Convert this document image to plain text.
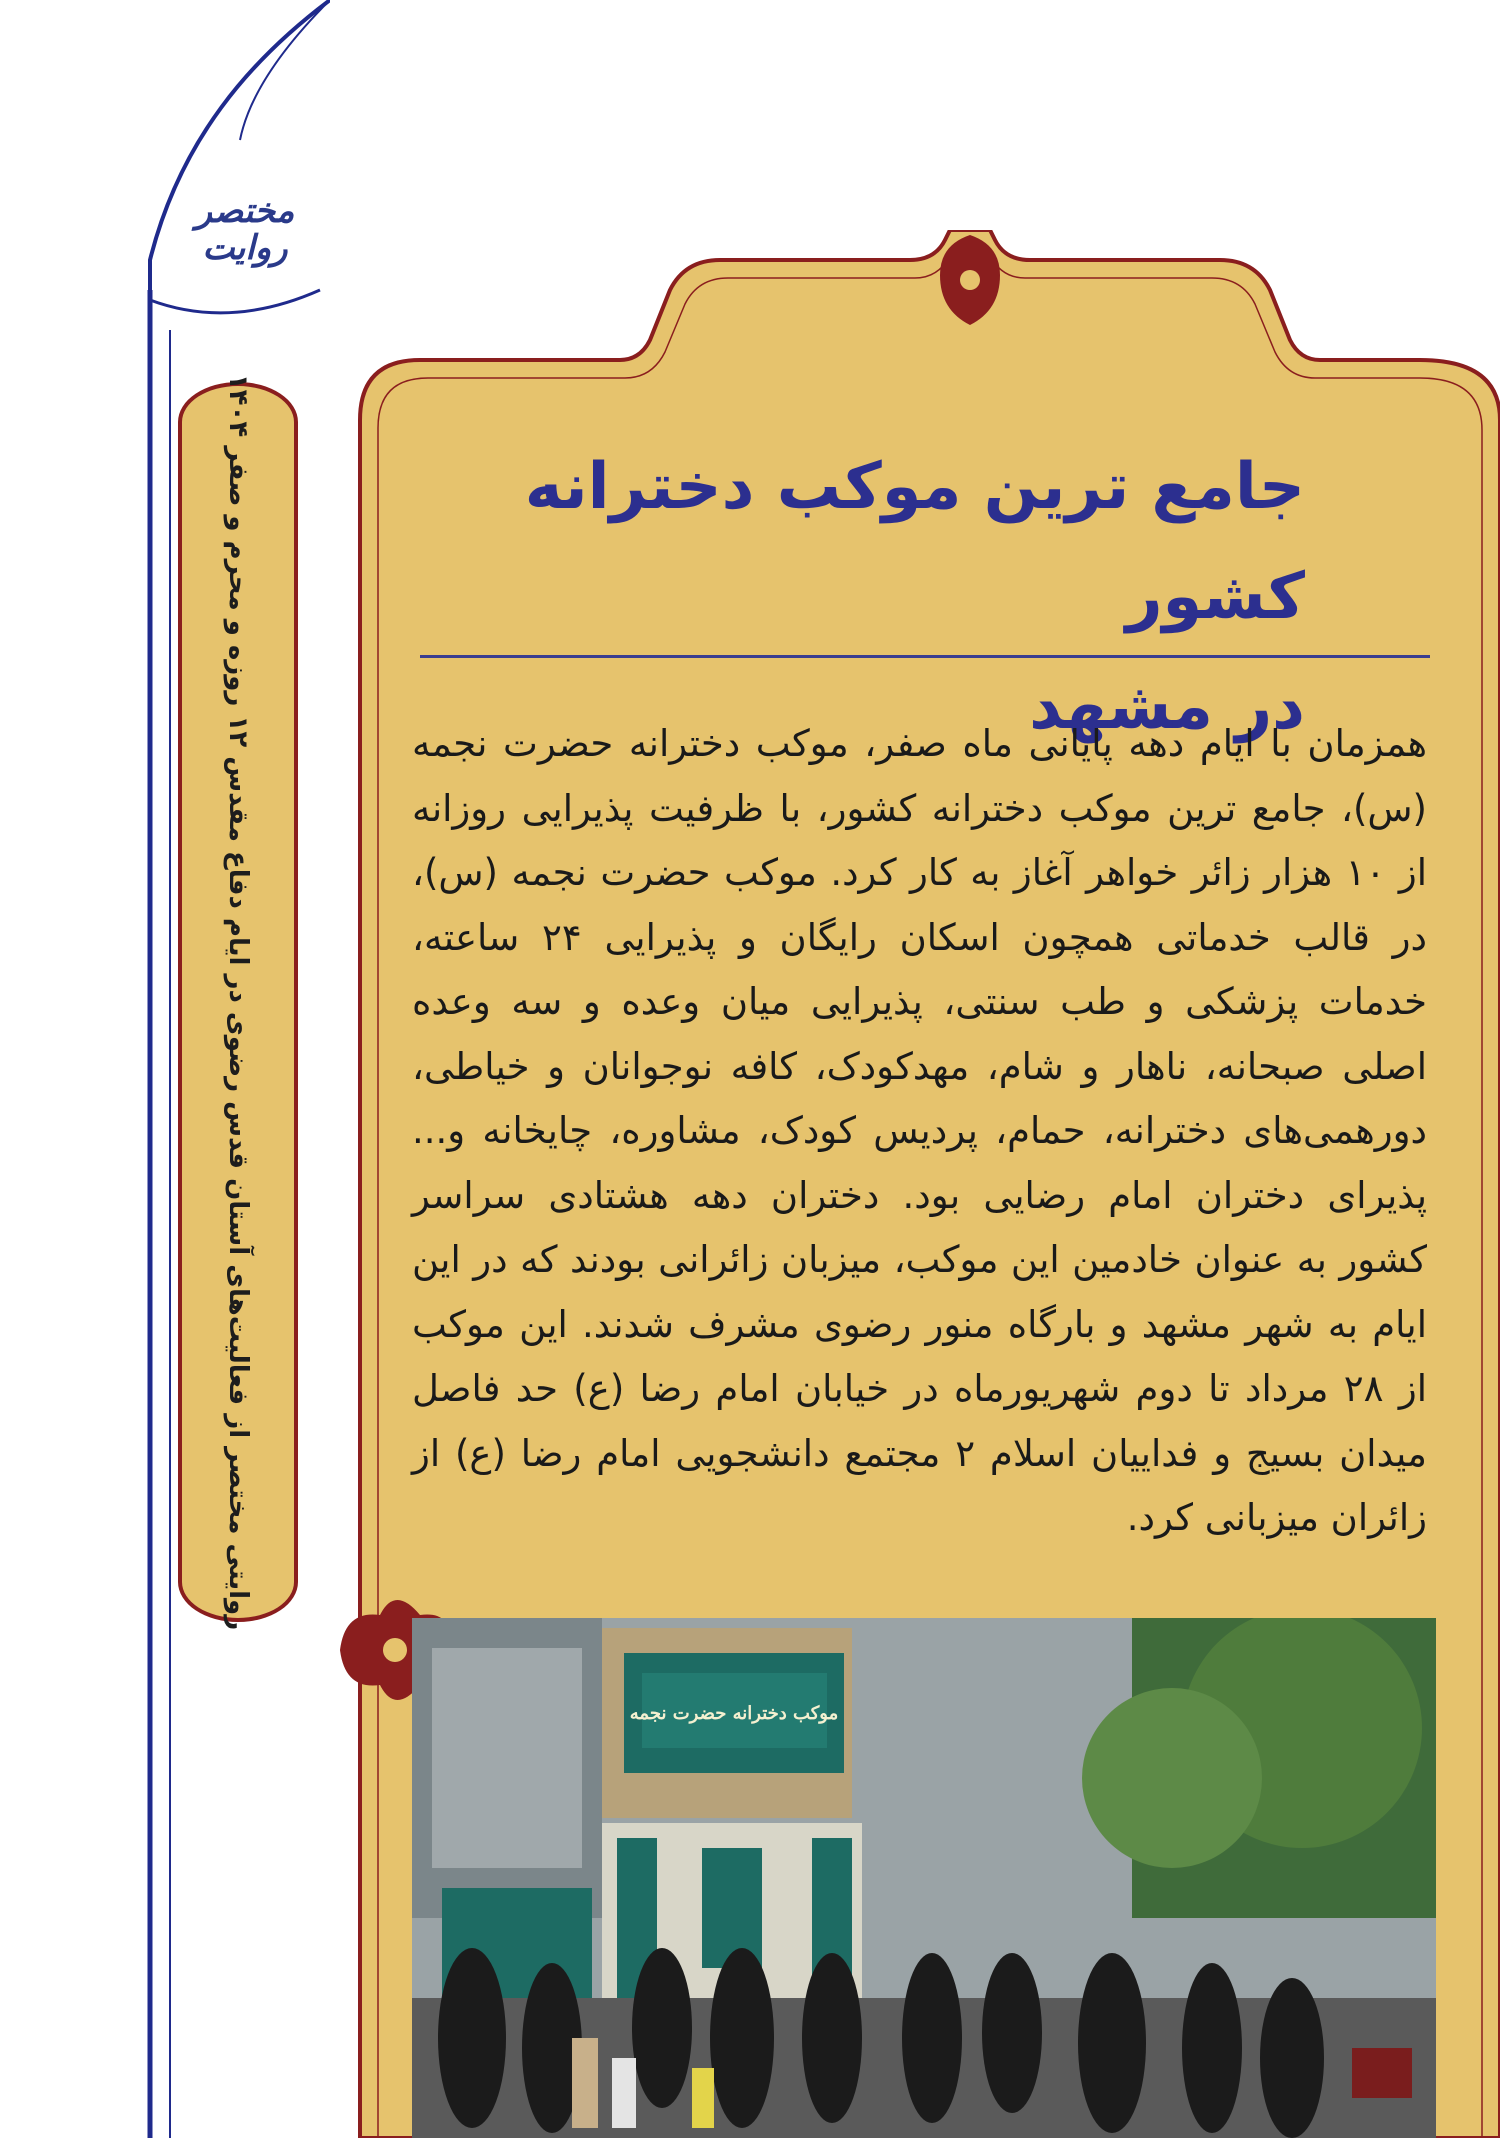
مختصر
روایت
روایتی مختصر از فعالیت‌های آستان قدس رضوی در ایام دفاع مقدس ۱۲ روزه و محرم و صفر ۱۴۰۴
جامع ترین موکب دخترانه کشور
در مشهد

همزمان با ایام دهه پایانی ماه صفر، موکب دخترانه حضرت نجمه (س)، جامع ترین موکب دخترانه کشور، با ظرفیت پذیرایی روزانه از ۱۰ هزار زائر خواهر آغاز به کار کرد. موکب حضرت نجمه (س)، در قالب خدماتی همچون اسکان رایگان و پذیرایی ۲۴ ساعته، خدمات پزشکی و طب سنتی، پذیرایی میان وعده و سه وعده اصلی صبحانه، ناهار و شام، مهدکودک، کافه نوجوانان و خیاطی، دورهمی‌های دخترانه، حمام، پردیس کودک، مشاوره، چایخانه و... پذیرای دختران امام رضایی بود. دختران دهه هشتادی سراسر کشور به عنوان خادمین این موکب، میزبان زائرانی بودند که در این ایام به شهر مشهد و بارگاه منور رضوی مشرف شدند. این موکب از ۲۸ مرداد تا دوم شهریورماه در خیابان امام رضا (ع) حد فاصل میدان بسیج و فداییان اسلام ۲ مجتمع دانشجویی امام رضا (ع) از زائران میزبانی کرد.

موکب دخترانه حضرت نجمه
